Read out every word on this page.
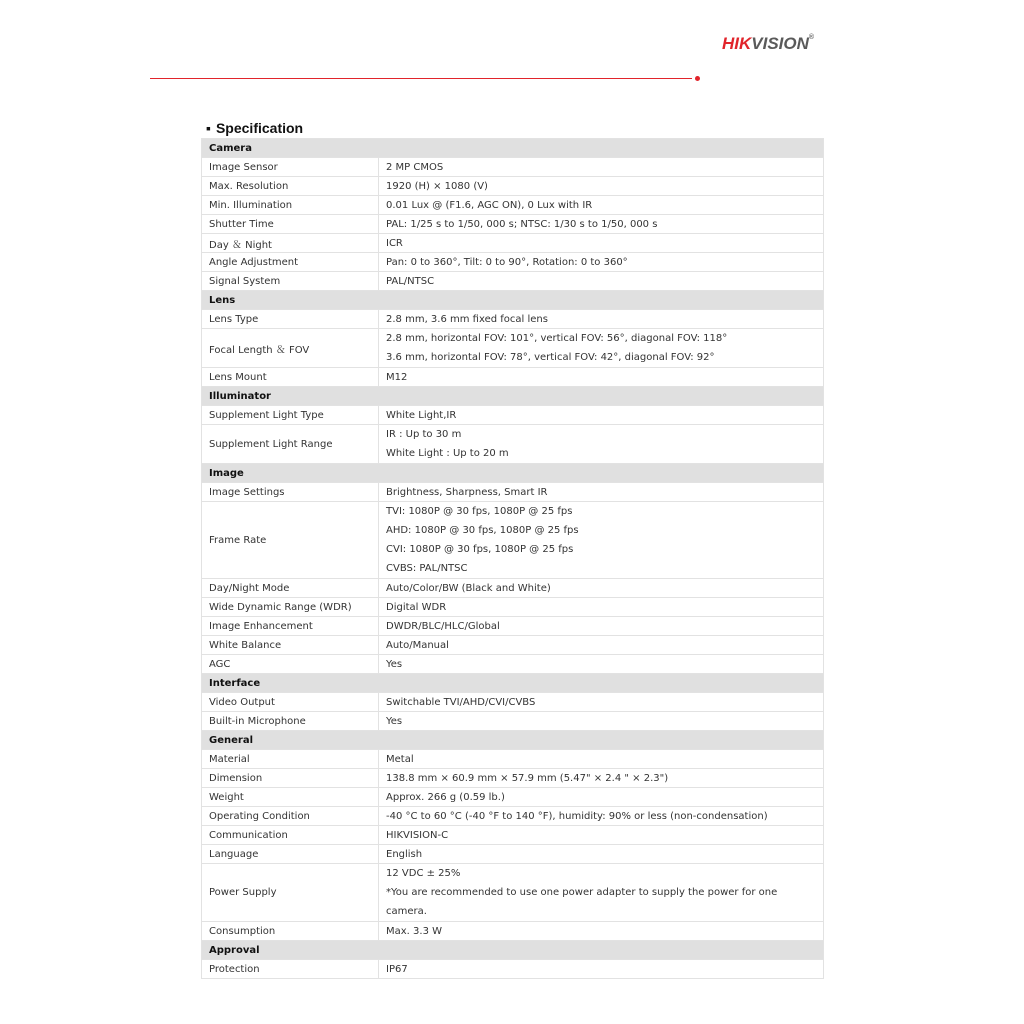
HIKVISION®
▪ Specification
Camera	
Image Sensor	2 MP CMOS
Max. Resolution	1920 (H) × 1080 (V)
Min. Illumination	0.01 Lux @ (F1.6, AGC ON), 0 Lux with IR
Shutter Time	PAL: 1/25 s to 1/50, 000 s; NTSC: 1/30 s to 1/50, 000 s
Day ＆ Night	ICR
Angle Adjustment	Pan: 0 to 360°, Tilt: 0 to 90°, Rotation: 0 to 360°
Signal System	PAL/NTSC
Lens	
Lens Type	2.8 mm, 3.6 mm fixed focal lens
Focal Length ＆ FOV	2.8 mm, horizontal FOV: 101°, vertical FOV: 56°, diagonal FOV: 118°
3.6 mm, horizontal FOV: 78°, vertical FOV: 42°, diagonal FOV: 92°

Lens Mount	M12
Illuminator	
Supplement Light Type	White Light,IR
Supplement Light Range	IR : Up to 30 m
White Light : Up to 20 m

Image	
Image Settings	Brightness, Sharpness, Smart IR
Frame Rate	TVI: 1080P @ 30 fps, 1080P @ 25 fps
AHD: 1080P @ 30 fps, 1080P @ 25 fps
CVI: 1080P @ 30 fps, 1080P @ 25 fps
CVBS: PAL/NTSC

Day/Night Mode	Auto/Color/BW (Black and White)
Wide Dynamic Range (WDR)	Digital WDR
Image Enhancement	DWDR/BLC/HLC/Global
White Balance	Auto/Manual
AGC	Yes
Interface	
Video Output	Switchable TVI/AHD/CVI/CVBS
Built-in Microphone	Yes
General	
Material	Metal
Dimension	138.8 mm × 60.9 mm × 57.9 mm (5.47" × 2.4 " × 2.3")
Weight	Approx. 266 g (0.59 lb.)
Operating Condition	-40 °C to 60 °C (-40 °F to 140 °F), humidity: 90% or less (non-condensation)
Communication	HIKVISION-C
Language	English
Power Supply	12 VDC ± 25%
*You are recommended to use one power adapter to supply the power for one
camera.

Consumption	Max. 3.3 W
Approval	
Protection	IP67
